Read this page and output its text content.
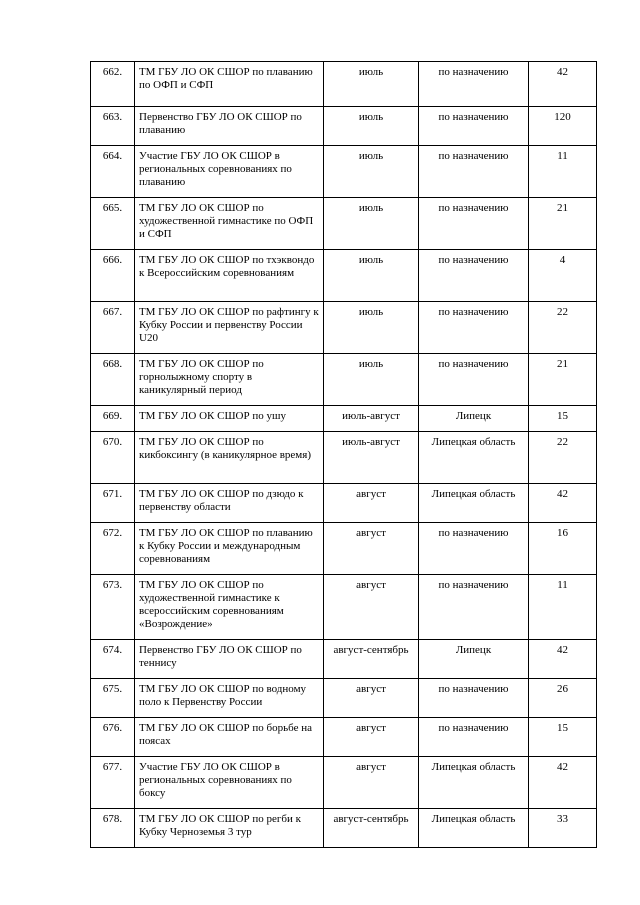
662.	ТМ ГБУ ЛО ОК СШОР по плаванию по ОФП и СФП	июль	по назначению	42
663.	Первенство ГБУ ЛО ОК СШОР по плаванию	июль	по назначению	120
664.	Участие ГБУ ЛО ОК СШОР в региональных соревнованиях по плаванию	июль	по назначению	11
665.	ТМ ГБУ ЛО ОК СШОР по художественной гимнастике по ОФП и СФП	июль	по назначению	21
666.	ТМ ГБУ ЛО ОК СШОР по тхэквондо к Всероссийским соревнованиям	июль	по назначению	4
667.	ТМ ГБУ ЛО ОК СШОР по рафтингу к Кубку России и первенству России U20	июль	по назначению	22
668.	ТМ ГБУ ЛО ОК СШОР по горнолыжному спорту в каникулярный период	июль	по назначению	21
669.	ТМ ГБУ ЛО ОК СШОР по ушу	июль-август	Липецк	15
670.	ТМ ГБУ ЛО ОК СШОР по кикбоксингу (в каникулярное время)	июль-август	Липецкая область	22
671.	ТМ ГБУ ЛО ОК СШОР по дзюдо к первенству области	август	Липецкая область	42
672.	ТМ ГБУ ЛО ОК СШОР по плаванию к Кубку России и международным соревнованиям	август	по назначению	16
673.	ТМ ГБУ ЛО ОК СШОР по художественной гимнастике к всероссийским соревнованиям «Возрождение»	август	по назначению	11
674.	Первенство ГБУ ЛО ОК СШОР по теннису	август-сентябрь	Липецк	42
675.	ТМ ГБУ ЛО ОК СШОР по водному поло к Первенству России	август	по назначению	26
676.	ТМ ГБУ ЛО ОК СШОР по борьбе на поясах	август	по назначению	15
677.	Участие ГБУ ЛО ОК СШОР в региональных соревнованиях по боксу	август	Липецкая область	42
678.	ТМ ГБУ ЛО ОК СШОР по регби к Кубку Черноземья 3 тур	август-сентябрь	Липецкая область	33
